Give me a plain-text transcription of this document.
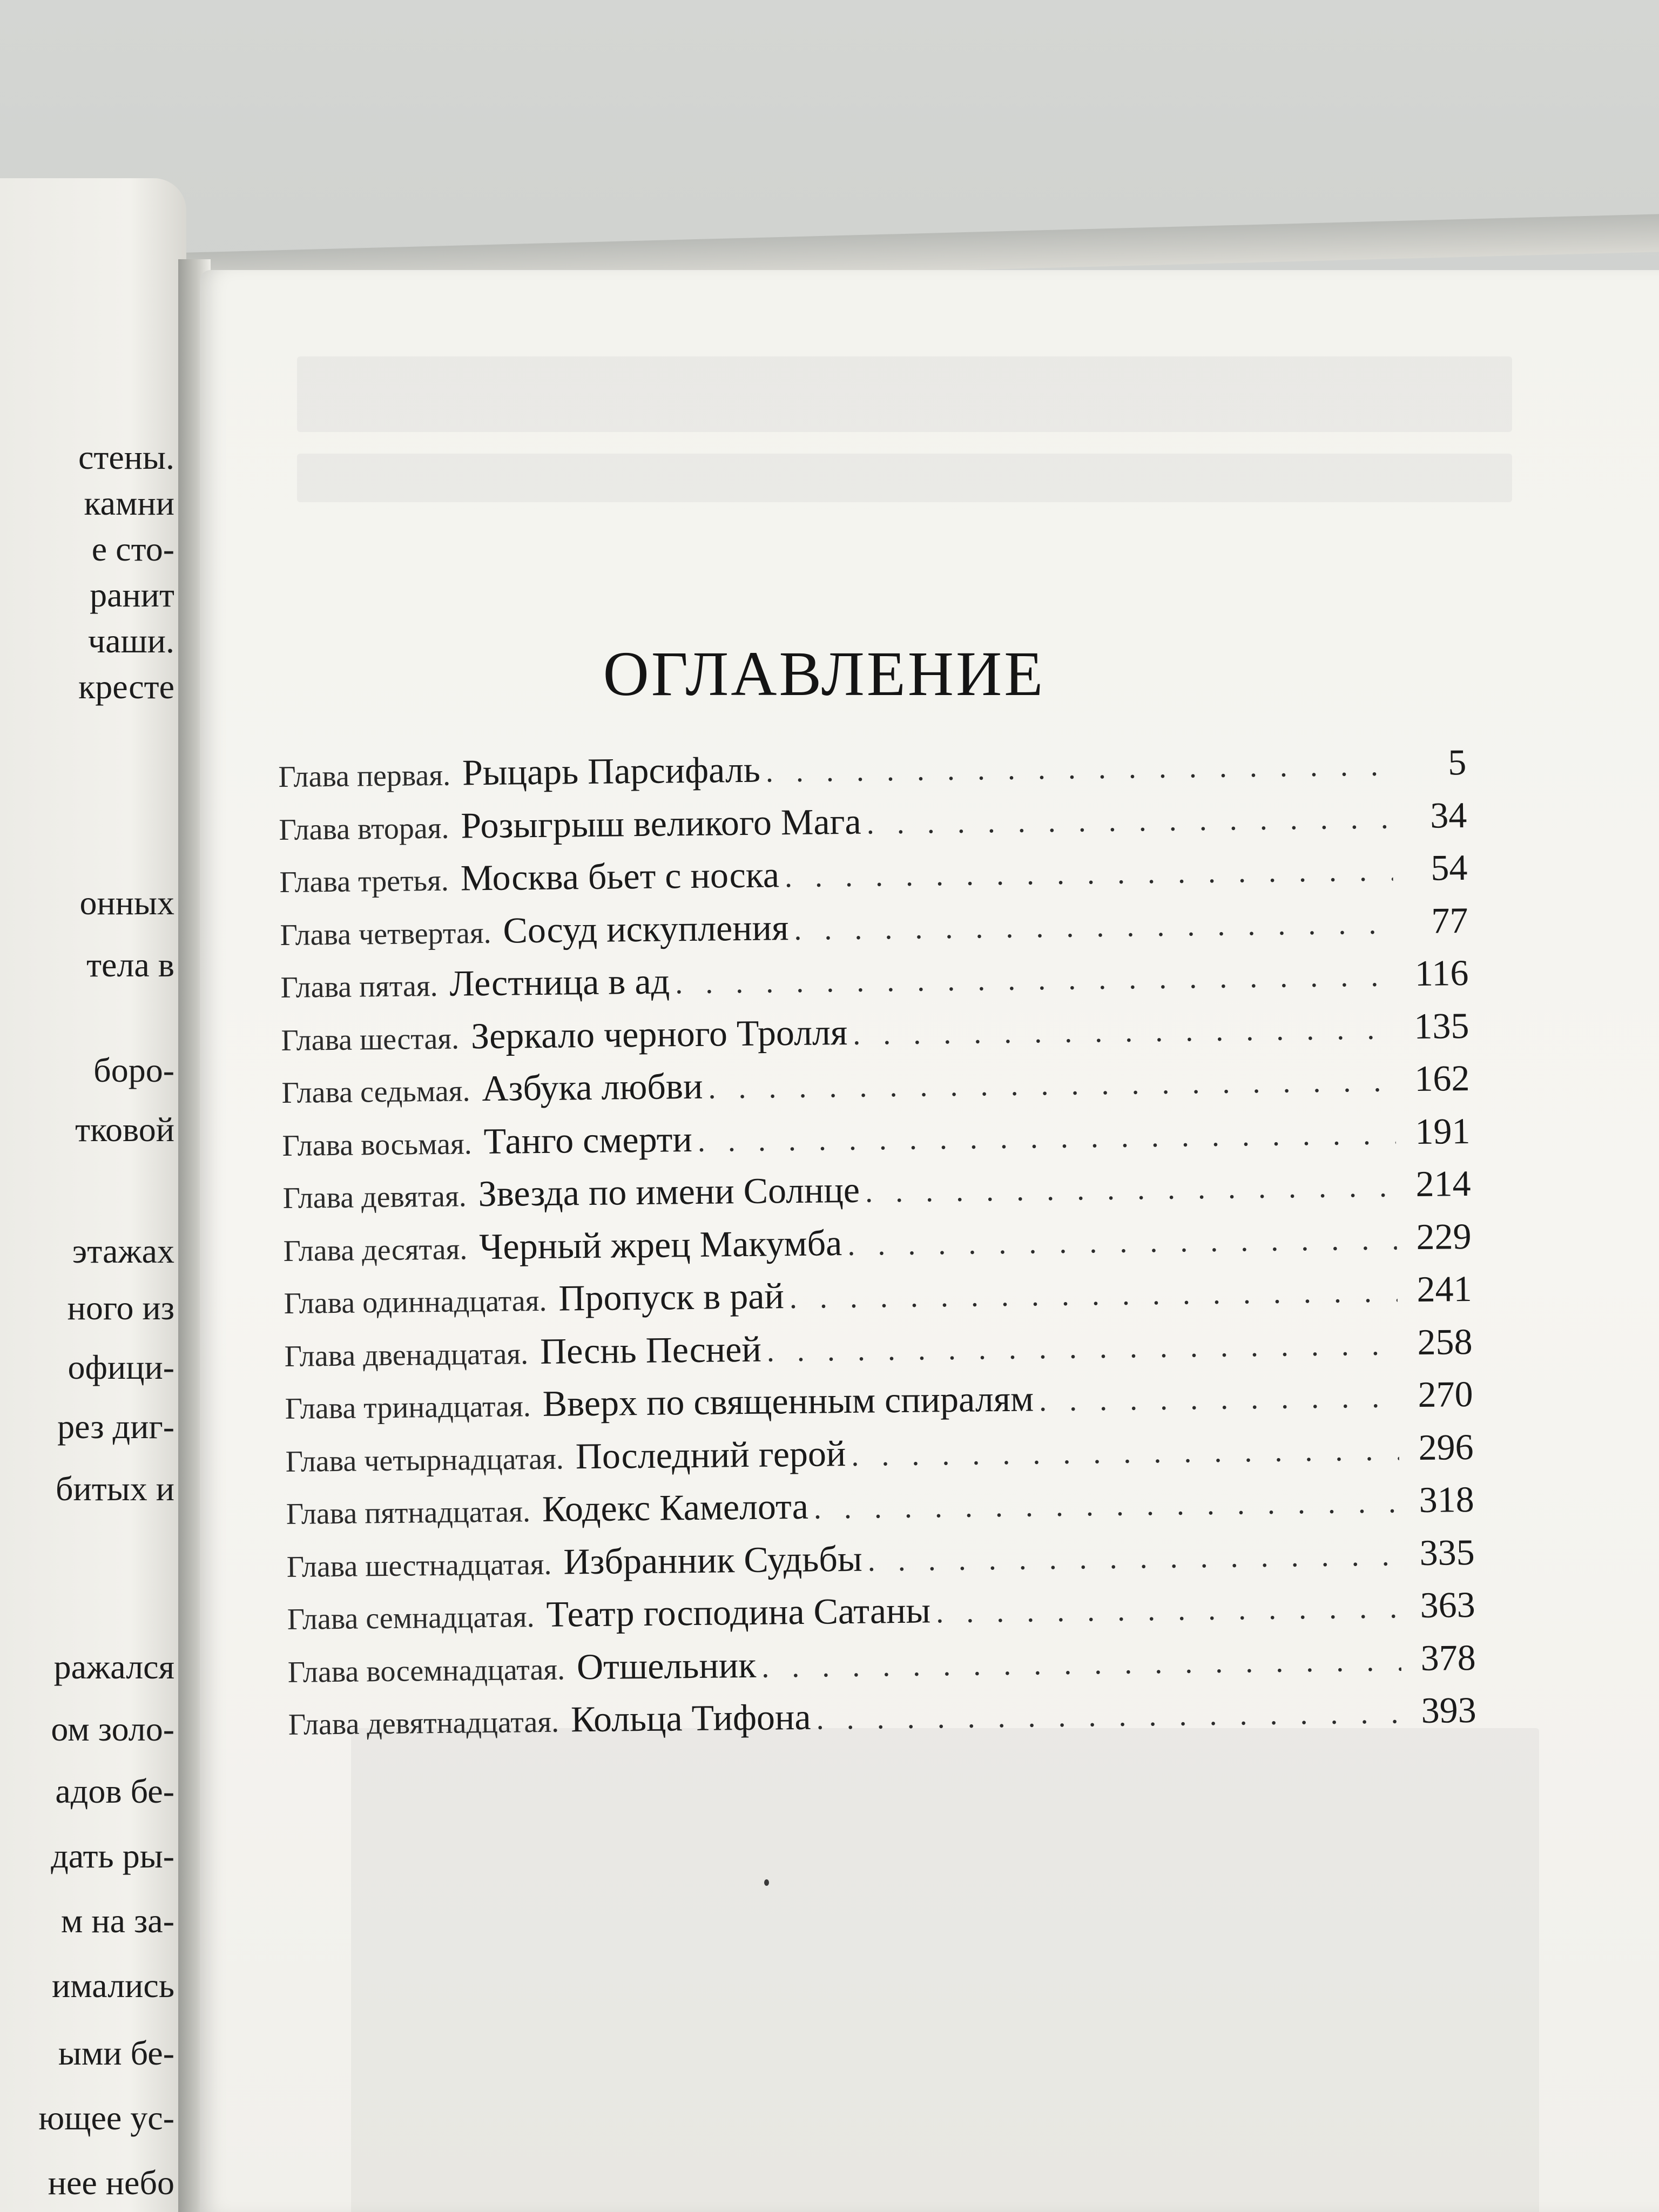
стены.
камни
е сто-
ранит
чаши.
кресте
онных
тела в
боро-
тковой
этажах
ного из
офици-
рез диг-
битых и
ражался
ом золо-
адов бе-
дать ры-
м на за-
имались
ыми бе-
ющее ус-
нее небо
ОГЛАВЛЕНИЕ
Глава первая. Рыцарь Парсифаль . . .	5
Глава вторая. Розыгрыш великого Мага . . .	34
Глава третья. Москва бьет с носка . . .	54
Глава четвертая. Сосуд искупления . . .	77
Глава пятая. Лестница в ад . . .	116
Глава шестая. Зеркало черного Тролля . . .	135
Глава седьмая. Азбука любви . . .	162
Глава восьмая. Танго смерти . . .	191
Глава девятая. Звезда по имени Солнце . . .	214
Глава десятая. Черный жрец Макумба . . .	229
Глава одиннадцатая. Пропуск в рай . . .	241
Глава двенадцатая. Песнь Песней . . .	258
Глава тринадцатая. Вверх по священным спиралям . . .	270
Глава четырнадцатая. Последний герой . . .	296
Глава пятнадцатая. Кодекс Камелота . . .	318
Глава шестнадцатая. Избранник Судьбы . . .	335
Глава семнадцатая. Театр господина Сатаны . . .	363
Глава восемнадцатая. Отшельник . . .	378
Глава девятнадцатая. Кольца Тифона . . .	393
